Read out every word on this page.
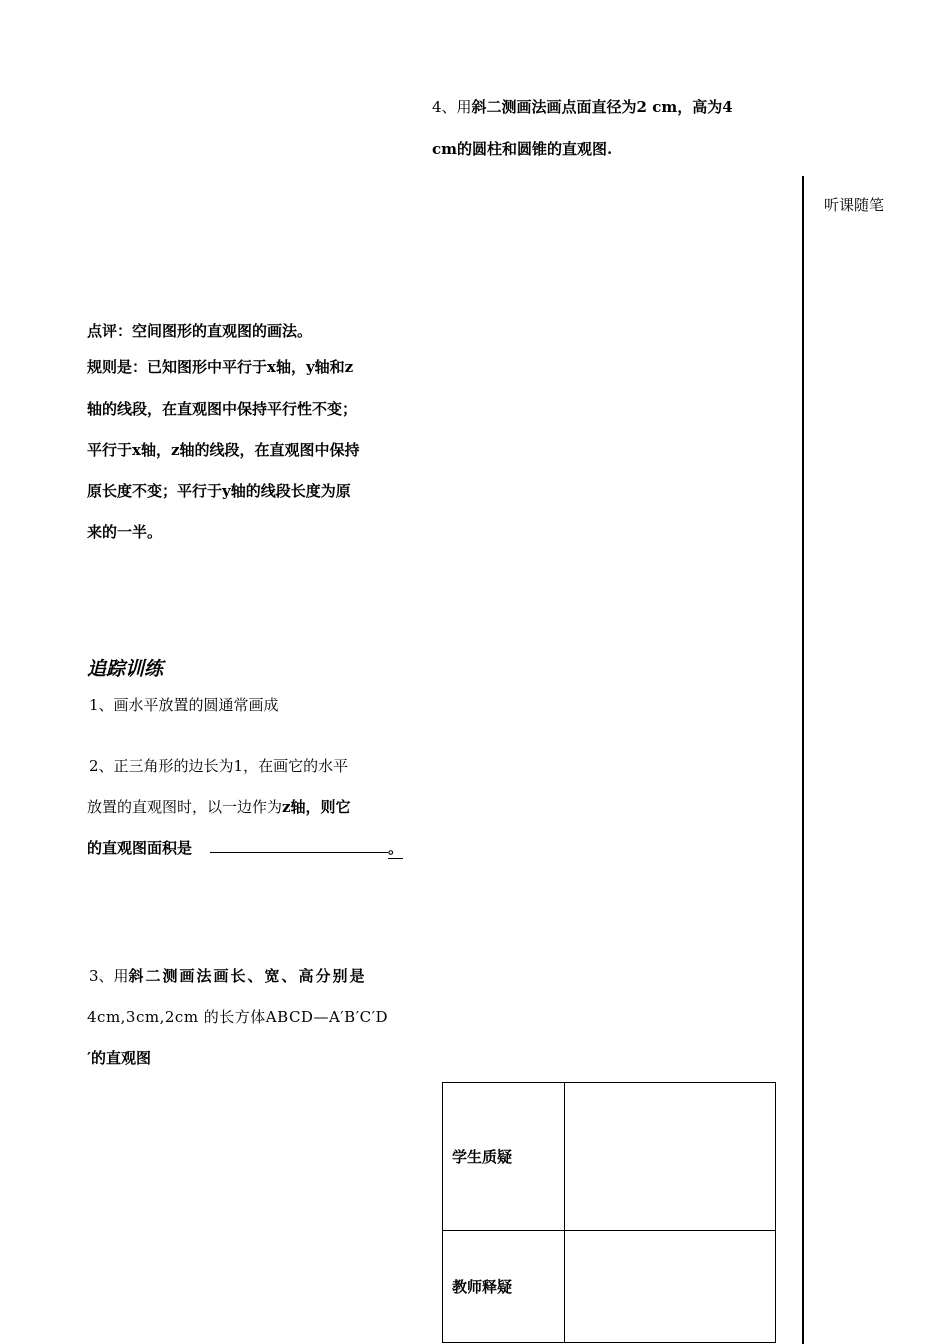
4、用斜二测画法画点面直径为2 cm，高为4
cm的圆柱和圆锥的直观图.
听课随笔
点评：空间图形的直观图的画法。
规则是：已知图形中平行于x轴，y轴和z
轴的线段，在直观图中保持平行性不变；
平行于x轴，z轴的线段，在直观图中保持
原长度不变；平行于y轴的线段长度为原
来的一半。
追踪训练
1、画水平放置的圆通常画成
2、正三角形的边长为1，在画它的水平
放置的直观图时，以一边作为z轴，则它
的直观图面积是	。
3、用斜二测画法画长、宽、高分别是
4cm,3cm,2cm 的长方体ABCD—A′B′C′D
′的直观图
学生质疑	
教师释疑	
